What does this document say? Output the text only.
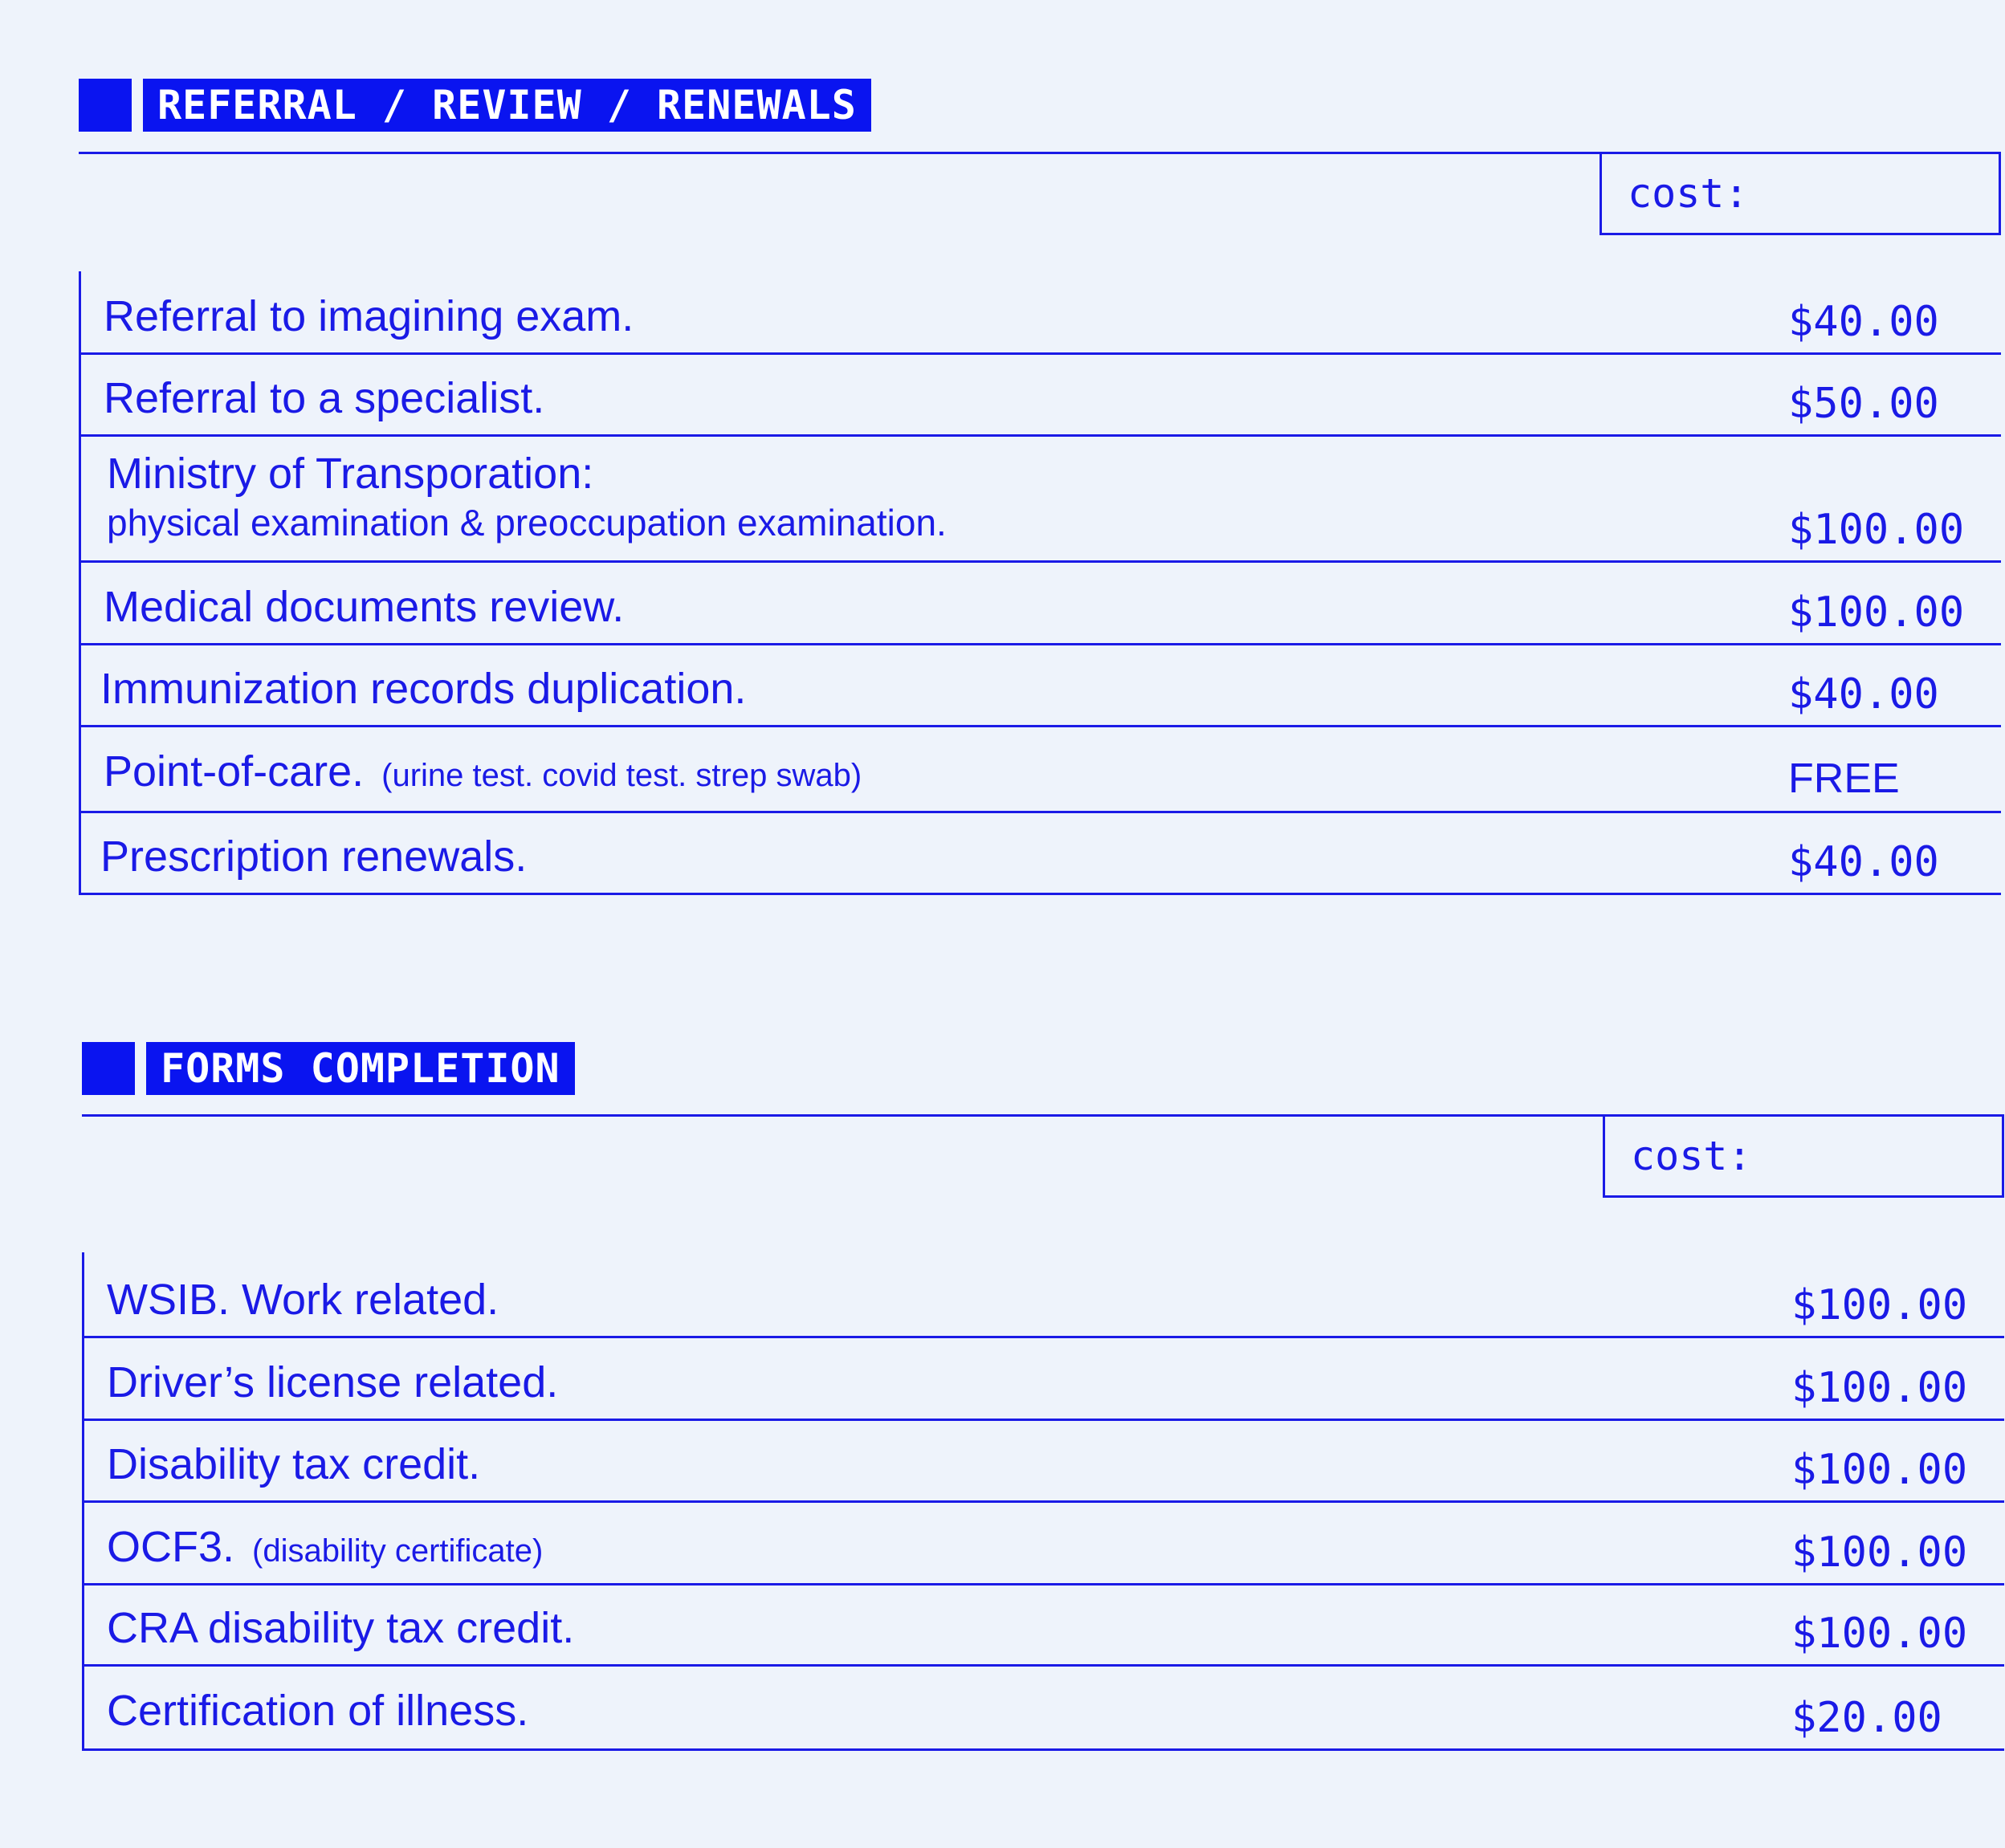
REFERRAL / REVIEW / RENEWALS
cost:
Referral to imagining exam.	$40.00
Referral to a specialist.	$50.00
Ministry of Transporation:
physical examination & preoccupation examination.	$100.00
Medical documents review.	$100.00
Immunization records duplication.	$40.00
Point-of-care. (urine test. covid test. strep swab)	FREE
Prescription renewals.	$40.00
FORMS COMPLETION
cost:
WSIB. Work related.	$100.00
Driver’s license related.	$100.00
Disability tax credit.	$100.00
OCF3. (disability certificate)	$100.00
CRA disability tax credit.	$100.00
Certification of illness.	$20.00
